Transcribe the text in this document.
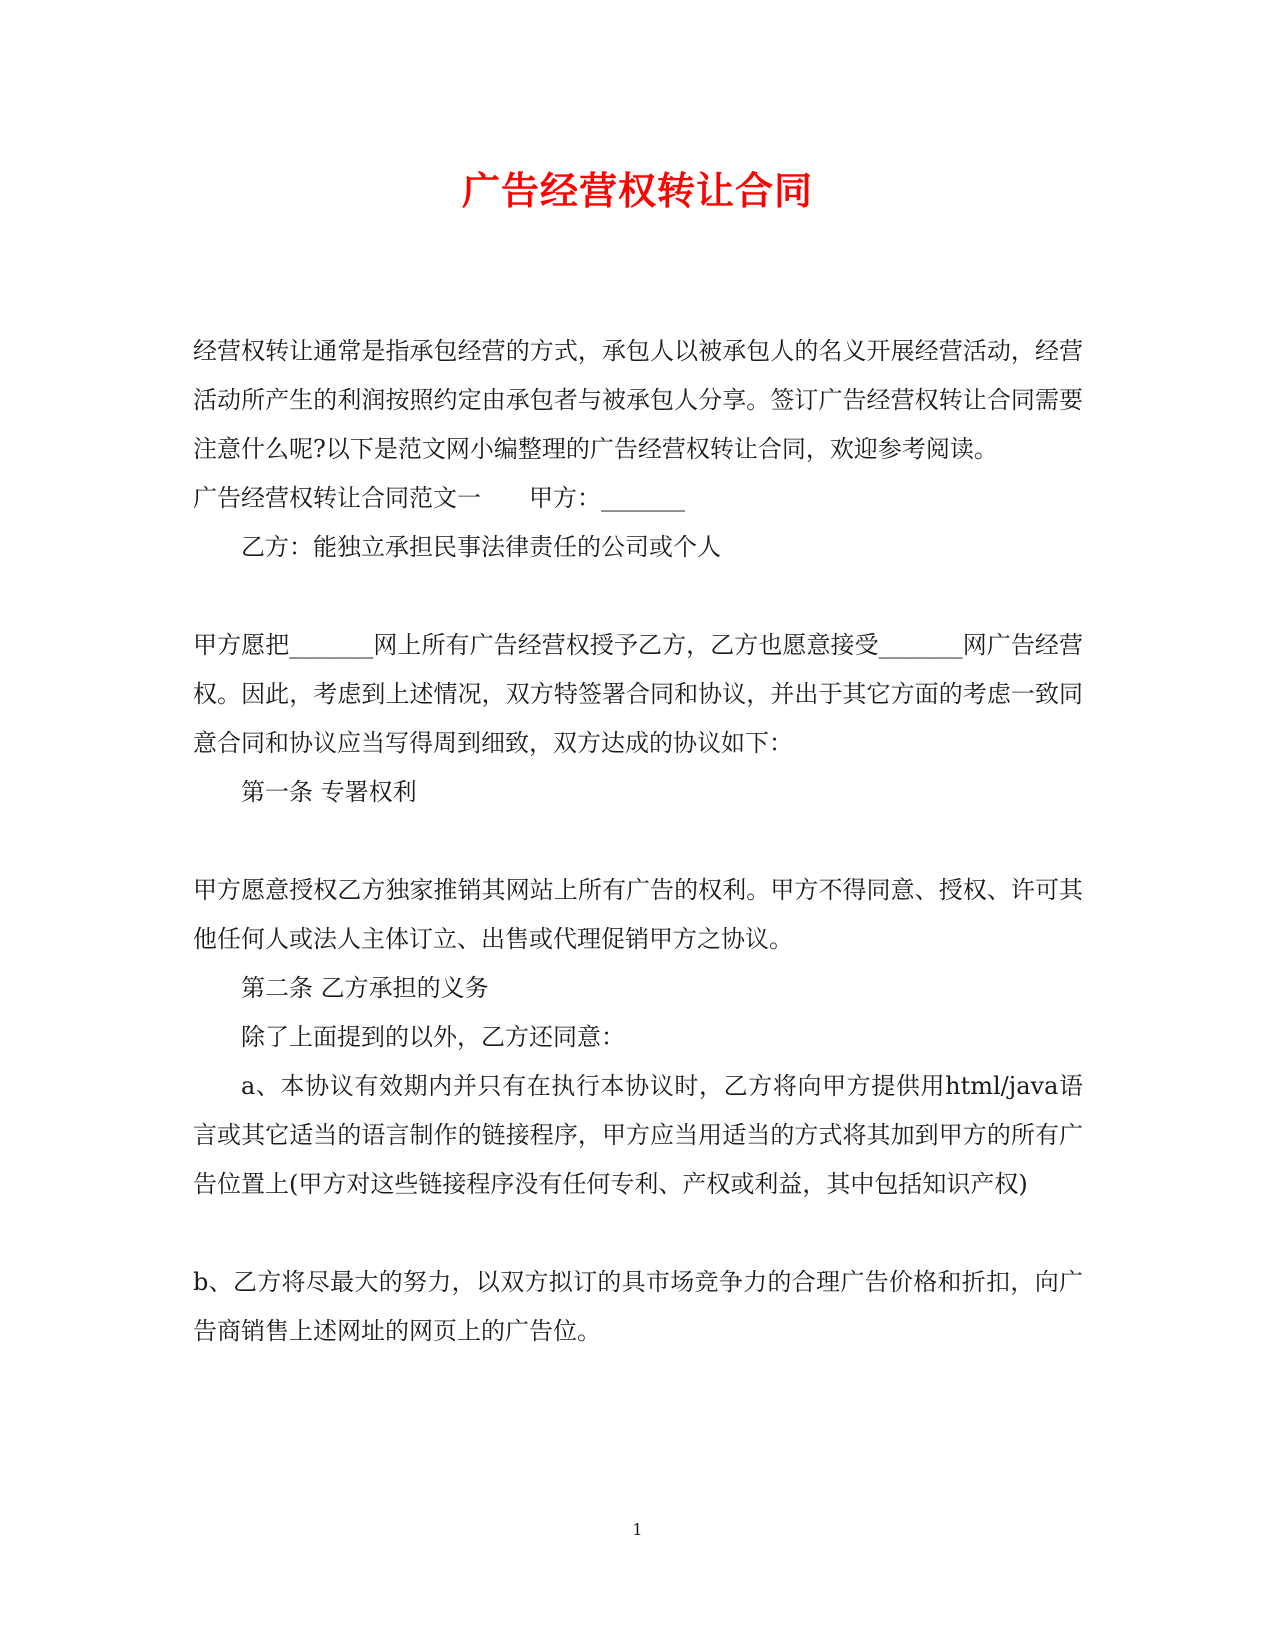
广告经营权转让合同

经营权转让通常是指承包经营的方式，承包人以被承包人的名义开展经营活动，经营活动所产生的利润按照约定由承包者与被承包人分享。签订广告经营权转让合同需要注意什么呢?以下是范文网小编整理的广告经营权转让合同，欢迎参考阅读。

广告经营权转让合同范文一　　甲方：_______

乙方：能独立承担民事法律责任的公司或个人

甲方愿把_______网上所有广告经营权授予乙方，乙方也愿意接受_______网广告经营权。因此，考虑到上述情况，双方特签署合同和协议，并出于其它方面的考虑一致同意合同和协议应当写得周到细致，双方达成的协议如下：

第一条 专署权利

甲方愿意授权乙方独家推销其网站上所有广告的权利。甲方不得同意、授权、许可其他任何人或法人主体订立、出售或代理促销甲方之协议。

第二条 乙方承担的义务

除了上面提到的以外，乙方还同意：

a、本协议有效期内并只有在执行本协议时，乙方将向甲方提供用html/java语言或其它适当的语言制作的链接程序，甲方应当用适当的方式将其加到甲方的所有广告位置上(甲方对这些链接程序没有任何专利、产权或利益，其中包括知识产权)

b、乙方将尽最大的努力，以双方拟订的具市场竞争力的合理广告价格和折扣，向广告商销售上述网址的网页上的广告位。

1
